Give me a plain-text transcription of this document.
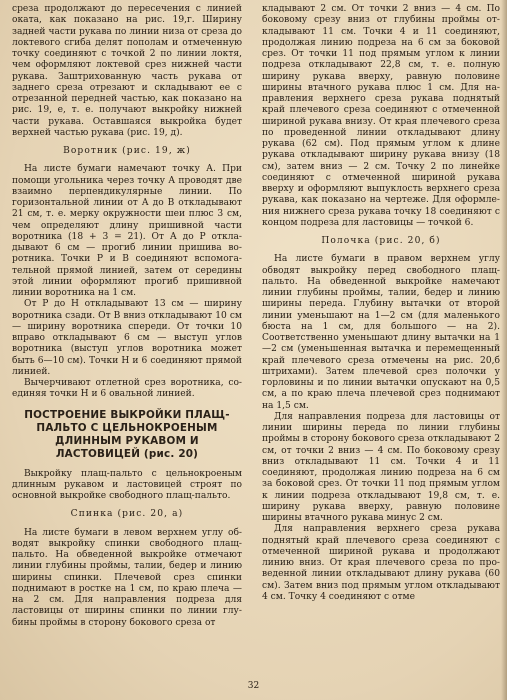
среза продолжают до пересечения с линией оката, как показано на рис. 19,г. Ширину задней части рукава по линии низа от среза до локтевого сгиба делят пополам и отмеченную точку соединяют с точкой 2 по линии локтя, чем оформляют локтевой срез нижней части рукава. Заштрихованную часть рукава от заднего среза отрезают и складывают ее с отрезанной передней частью, как показано на рис. 19, е, т. е. получают выкройку нижней части рукава. Оставшаяся выкройка будет верхней частью рукава (рис. 19, д).

Воротник (рис. 19, ж)

На листе бумаги намечают точку А. При помощи угольника через точку А проводят две взаимно перпендикулярные линии. По горизонтальной линии от А до В откладывают 21 см, т. е. мерку окружности шеи плюс 3 см, чем определяют длину пришивной части воротника (18 + 3 = 21). От А до Р отклaдывают 6 см — прогиб линии пришива воротника. Точки Р и В соединяют вспомогательной прямой линией, затем от середины этой линии оформляют прогиб пришивной линии воротника на 1 см.

От Р до Н откладывают 13 см — ширину воротника сзади. От В вниз откладывают 10 см — ширину воротника спереди. От точки 10 вправо откладывают 6 см — выступ углов воротника (выступ углов воротника может быть 6—10 см). Точки Н и 6 соединяют прямой линией.

Вычерчивают отлетной срез воротника, соединяя точки Н и 6 овальной линией.

ПОСТРОЕНИЕ ВЫКРОЙКИ ПЛАЩ-ПАЛЬТО С ЦЕЛЬНОКРОЕНЫМ ДЛИННЫМ РУКАВОМ И ЛАСТОВИЦЕЙ (рис. 20)

Выкройку плащ-пальто с цельнокроеным длинным рукавом и ластовицей строят по основной выкройке свободного плащ-пальто.

Спинка (рис. 20, а)

На листе бумаги в левом верхнем углу обводят выкройку спинки свободного плащ-пальто. На обведенной выкройке отмечают линии глубины проймы, талии, бедер и линию ширины спинки. Плечевой срез спинки поднимают в ростке на 1 см, по краю плеча — на 2 см. Для направления подреза для ластовицы от ширины спинки по линии глубины проймы в сторону бокового среза от

кладывают 2 см. От точки 2 вниз — 4 см. По боковому срезу вниз от глубины проймы откладывают 11 см. Точки 4 и 11 соединяют, продолжая линию подреза на 6 см за боковой срез. От точки 11 под прямым углом к линии подреза откладывают 22,8 см, т. е. полную ширину рукава вверху, равную половине ширины втачного рукава плюс 1 см. Для направления верхнего среза рукава поднятый край плечевого среза соединяют с отмеченной шириной рукава внизу. От края плечевого среза по проведенной линии откладывают длину рукава (62 см). Под прямым углом к длине рукава откладывают ширину рукава внизу (18 см), затем вниз — 2 см. Точку 2 по линейке соединяют с отмеченной шириной рукава вверху и оформляют выпуклость верхнего среза рукава, как показано на чертеже. Для оформления нижнего среза рукава точку 18 соединяют с концом подреза для ластовицы — точкой 6.

Полочка (рис. 20, б)

На листе бумаги в правом верхнем углу обводят выкройку перед свободного плащ-пальто. На обведенной выкройке намечают линии глубины проймы, талии, бедер и линию ширины переда. Глубину вытачки от второй линии уменьшают на 1—2 см (для маленького бюста на 1 см, для большого — на 2). Соответственно уменьшают длину вытачки на 1—2 см (уменьшенная вытачка и перемещенный край плечевого среза отмечены на рис. 20,б штрихами). Затем плечевой срез полочки у горловины и по линии вытачки опускают на 0,5 см, а по краю плеча плечевой срез поднимают на 1,5 см.

Для направления подреза для ластовицы от линии ширины переда по линии глубины проймы в сторону бокового среза откладывают 2 см, от точки 2 вниз — 4 см. По боковому срезу вниз откладывают 11 см. Точки 4 и 11 соединяют, продолжая линию подреза на 6 см за боковой срез. От точки 11 под прямым углом к линии подреза откладывают 19,8 см, т. е. ширину рукава вверху, равную половине ширины втачного рукава минус 2 см.

Для направления верхнего среза рукава поднятый край плечевого среза соединяют с отмеченной шириной рукава и продолжают линию вниз. От края плечевого среза по проведенной линии откладывают длину рукава (60 см). Затем вниз под прямым углом откладывают 4 см. Точку 4 соединяют с отме

32
